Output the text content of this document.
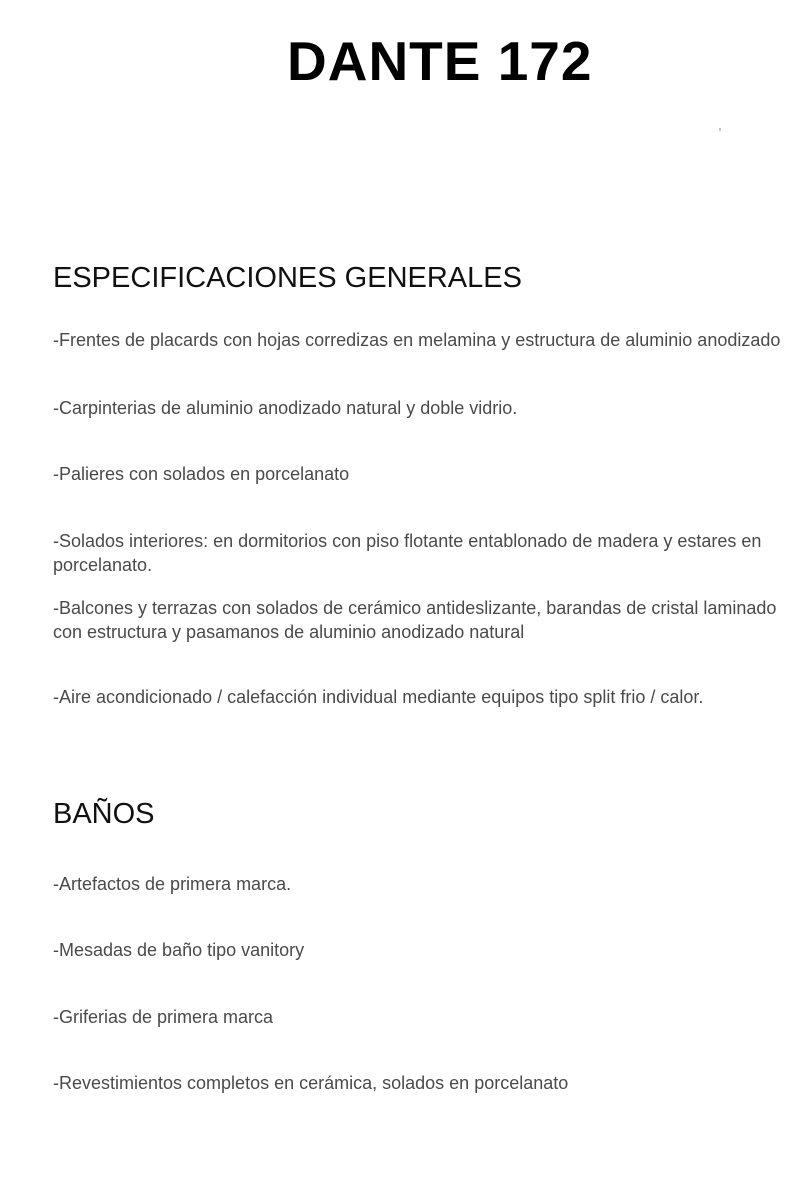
DANTE 172
ESPECIFICACIONES GENERALES
-Frentes de placards con hojas corredizas en melamina y estructura de aluminio anodizado
-Carpinterias de aluminio anodizado natural y doble vidrio.
-Palieres con solados en porcelanato
-Solados interiores: en dormitorios con piso flotante entablonado de madera y estares en porcelanato.
-Balcones y terrazas con solados de cerámico antideslizante, barandas de cristal laminado con estructura y pasamanos de aluminio anodizado natural
-Aire acondicionado / calefacción individual mediante equipos tipo split frio / calor.
BAÑOS
-Artefactos de primera marca.
-Mesadas de baño tipo vanitory
-Griferias de primera marca
-Revestimientos completos en cerámica, solados en porcelanato
